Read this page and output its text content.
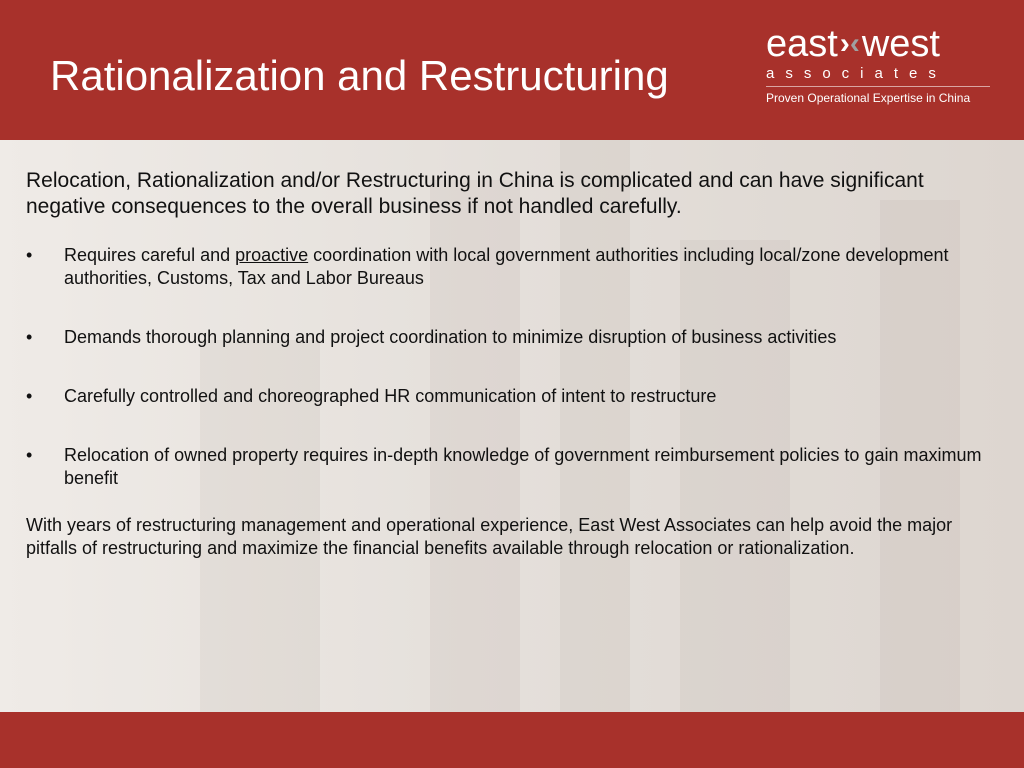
Rationalization and Restructuring
east ›‹ west
associates
Proven Operational Expertise in China

Relocation, Rationalization and/or Restructuring in China is complicated and can have significant negative consequences to the overall business if not handled carefully.

•	Requires careful and proactive coordination with local government authorities including local/zone development authorities, Customs, Tax and Labor Bureaus
•	Demands thorough planning and project coordination to minimize disruption of business activities
•	Carefully controlled and choreographed HR communication of intent to restructure
•	Relocation of owned property requires in-depth knowledge of government reimbursement policies to gain maximum benefit

With years of restructuring management and operational experience, East West Associates can help avoid the major pitfalls of restructuring and maximize the financial benefits available through relocation or rationalization.
